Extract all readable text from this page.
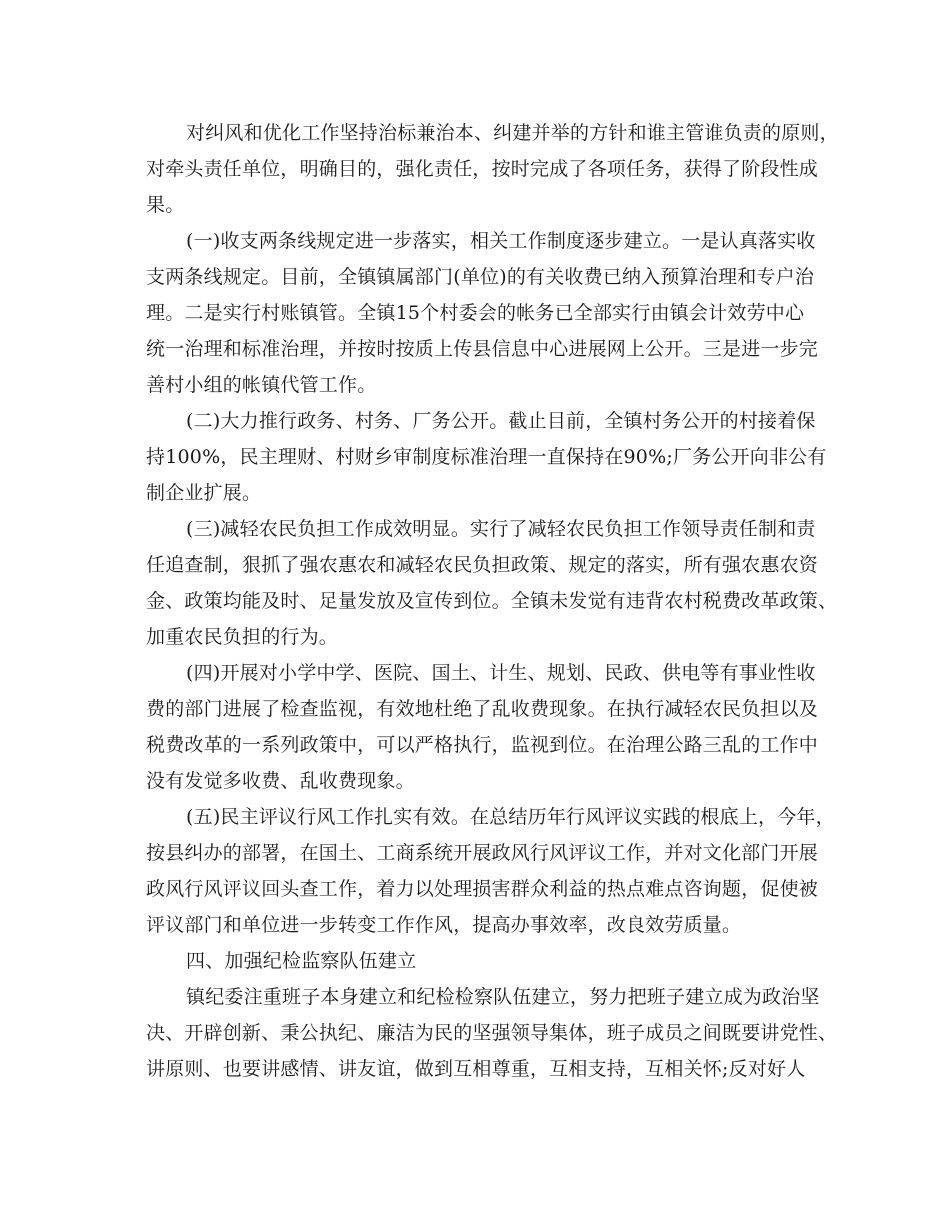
对纠风和优化工作坚持治标兼治本、纠建并举的方针和谁主管谁负责的原则，
对牵头责任单位，明确目的，强化责任，按时完成了各项任务，获得了阶段性成
果。
(一)收支两条线规定进一步落实，相关工作制度逐步建立。一是认真落实收
支两条线规定。目前，全镇镇属部门(单位)的有关收费已纳入预算治理和专户治
理。二是实行村账镇管。全镇15个村委会的帐务已全部实行由镇会计效劳中心
统一治理和标准治理，并按时按质上传县信息中心进展网上公开。三是进一步完
善村小组的帐镇代管工作。
(二)大力推行政务、村务、厂务公开。截止目前，全镇村务公开的村接着保
持100%，民主理财、村财乡审制度标准治理一直保持在90%;厂务公开向非公有
制企业扩展。
(三)减轻农民负担工作成效明显。实行了减轻农民负担工作领导责任制和责
任追查制，狠抓了强农惠农和减轻农民负担政策、规定的落实，所有强农惠农资
金、政策均能及时、足量发放及宣传到位。全镇未发觉有违背农村税费改革政策、
加重农民负担的行为。
(四)开展对小学中学、医院、国土、计生、规划、民政、供电等有事业性收
费的部门进展了检查监视，有效地杜绝了乱收费现象。在执行减轻农民负担以及
税费改革的一系列政策中，可以严格执行，监视到位。在治理公路三乱的工作中
没有发觉多收费、乱收费现象。
(五)民主评议行风工作扎实有效。在总结历年行风评议实践的根底上，今年，
按县纠办的部署，在国土、工商系统开展政风行风评议工作，并对文化部门开展
政风行风评议回头查工作，着力以处理损害群众利益的热点难点咨询题，促使被
评议部门和单位进一步转变工作作风，提高办事效率，改良效劳质量。
四、加强纪检监察队伍建立
镇纪委注重班子本身建立和纪检检察队伍建立，努力把班子建立成为政治坚
决、开辟创新、秉公执纪、廉洁为民的坚强领导集体，班子成员之间既要讲党性、
讲原则、也要讲感情、讲友谊，做到互相尊重，互相支持，互相关怀;反对好人
